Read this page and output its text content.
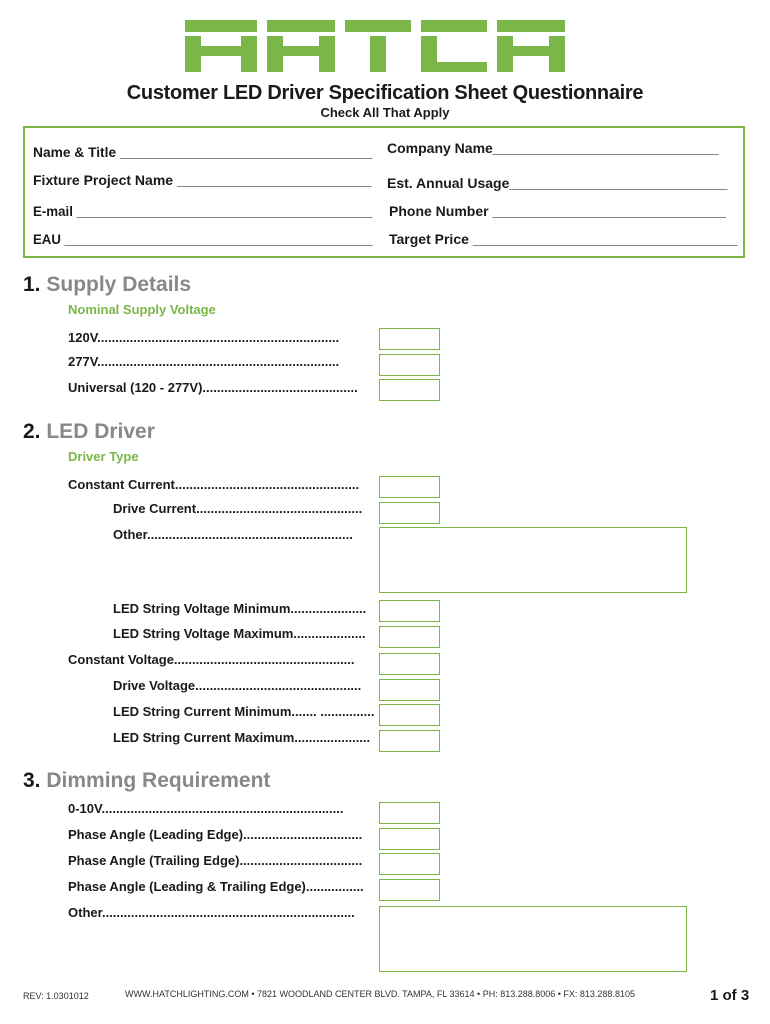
Customer LED Driver Specification Sheet Questionnaire
Check All That Apply
Name & Title _________________________________ Company Name_____________________________
Fixture Project Name _________________________ Est. Annual Usage____________________________
E-mail ________________________________________ Phone Number ______________________________
EAU __________________________________________ Target Price __________________________________
1. Supply Details
Nominal Supply Voltage
120V...................................................................
277V...................................................................
Universal (120 - 277V)...........................................
2. LED Driver
Driver Type
Constant Current...................................................
Drive Current..............................................
Other.........................................................
LED String Voltage Minimum.....................
LED String Voltage Maximum....................
Constant Voltage..................................................
Drive Voltage..............................................
LED String Current Minimum....... ...............
LED String Current Maximum.....................
3. Dimming Requirement
0-10V...................................................................
Phase Angle (Leading Edge).................................
Phase Angle (Trailing Edge)..................................
Phase Angle (Leading & Trailing Edge)................
Other......................................................................
REV: 1.0301012	WWW.HATCHLIGHTING.COM • 7821 WOODLAND CENTER BLVD. TAMPA, FL 33614 • PH: 813.288.8006 • FX: 813.288.8105	1 of 3
